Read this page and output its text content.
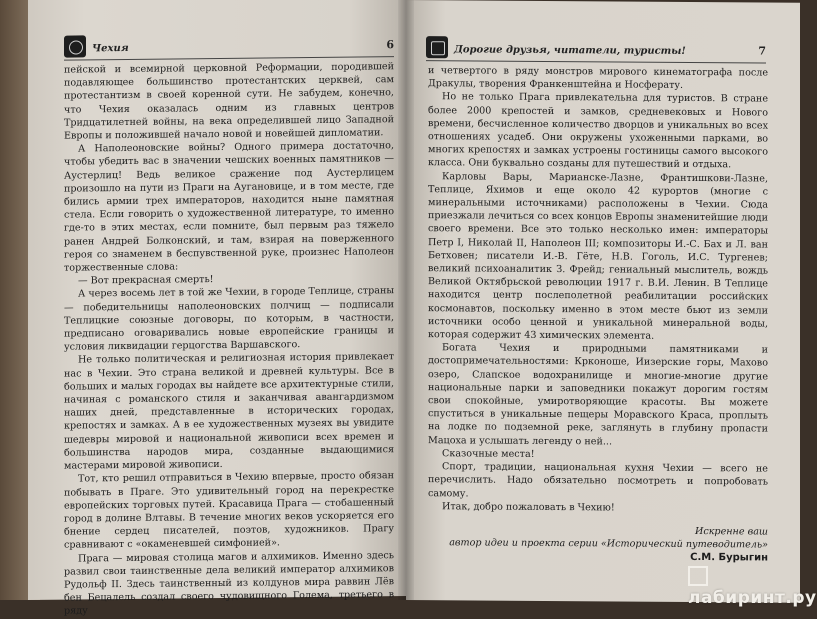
Чехия	6

пейской и всемирной церковной Реформации, породившей подавляющее большинство протестантских церквей, сам протестантизм в своей коренной сути. Не забудем, конечно, что Чехия оказалась одним из главных центров Тридцатилетней войны, на века определившей лицо Западной Европы и положившей начало новой и новейшей дипломатии.

А Наполеоновские войны? Одного примера достаточно, чтобы убедить вас в значении чешских военных памятников — Аустерлиц! Ведь великое сражение под Аустерлицем произошло на пути из Праги на Аугановице, и в том месте, где бились армии трех императоров, находится ныне памятная стела. Если говорить о художественной литературе, то именно где-то в этих местах, если помните, был первым раз тяжело ранен Андрей Болконский, и там, взирая на поверженного героя со знаменем в беспувственной руке, произнес Наполеон торжественные слова:

— Вот прекрасная смерть!

А через восемь лет в той же Чехии, в городе Теплице, страны — победительницы наполеоновских полчищ — подписали Теплицкие союзные договоры, по которым, в частности, предписано оговаривались новые европейские границы и условия ликвидации герцогства Варшавского.

Не только политическая и религиозная история привлекает нас в Чехии. Это страна великой и древней культуры. Все в больших и малых городах вы найдете все архитектурные стили, начиная с романского стиля и заканчивая авангардизмом наших дней, представленные в исторических городах, крепостях и замках. А в ее художественных музеях вы увидите шедевры мировой и национальной живописи всех времен и большинства народов мира, созданные выдающимися мастерами мировой живописи.

Тот, кто решил отправиться в Чехию впервые, просто обязан побывать в Праге. Это удивительный город на перекрестке европейских торговых путей. Красавица Прага — стобашенный город в долине Влтавы. В течение многих веков ускоряется его бнение сердец писателей, поэтов, художников. Прагу сравнивают с «окаменевшей симфонией».

Прага — мировая столица магов и алхимиков. Именно здесь развил свои таинственные дела великий император алхимиков Рудольф II. Здесь таинственный из колдунов мира раввин Лёв бен Бецалель создал своего чудовищного Голема, третьего в ряду

Дорогие друзья, читатели, туристы!	7

и четвертого в ряду монстров мирового кинематографа после Дракулы, творения Франкенштейна и Носферату.

Но не только Прага привлекательна для туристов. В стране более 2000 крепостей и замков, средневековых и Нового времени, бесчисленное количество дворцов и уникальных во всех отношениях усадеб. Они окружены ухоженными парками, во многих крепостях и замках устроены гостиницы самого высокого класса. Они буквально созданы для путешествий и отдыха.

Карловы Вары, Марианске-Лазне, Франтишкови-Лазне, Теплице, Яхимов и еще около 42 курортов (многие с минеральными источниками) расположены в Чехии. Сюда приезжали лечиться со всех концов Европы знаменитейшие люди своего времени. Все это только несколько имен: императоры Петр I, Николай II, Наполеон III; композиторы И.-С. Бах и Л. ван Бетховен; писатели И.-В. Гёте, Н.В. Гоголь, И.С. Тургенев; великий психоаналитик З. Фрейд; гениальный мыслитель, вождь Великой Октябрьской революции 1917 г. В.И. Ленин. В Теплице находится центр послеполетной реабилитации российских космонавтов, поскольку именно в этом месте бьют из земли источники особо ценной и уникальной минеральной воды, которая содержит 43 химических элемента.

Богата Чехия и природными памятниками и достопримечательностями: Крконоше, Иизерские горы, Махово озеро, Слапское водохранилище и многие-многие другие национальные парки и заповедники покажут дорогим гостям свои спокойные, умиротворяющие красоты. Вы можете спуститься в уникальные пещеры Моравского Краса, проплыть на лодке по подземной реке, заглянуть в глубину пропасти Мацоха и услышать легенду о ней...

Сказочные места!

Спорт, традиции, национальная кухня Чехии — всего не перечислить. Надо обязательно посмотреть и попробовать самому.

Итак, добро пожаловать в Чехию!

Искренне ваш
автор идеи и проекта серии «Исторический путеводитель»
С.М. Бурыгин
лабиринт.ру
